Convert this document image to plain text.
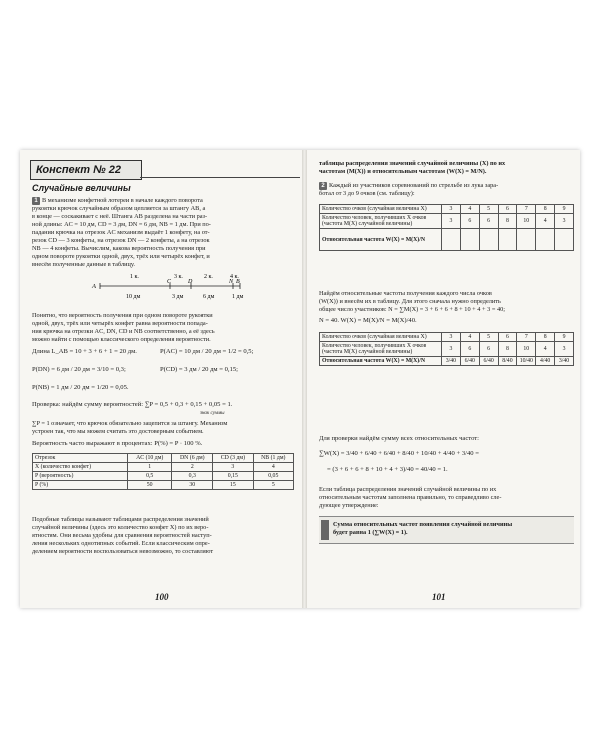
Конспект № 22
Случайные величины

1 В механизме конфетной лотереи в начале каждого поворота

рукоятки крючок случайным образом цепляется за штангу AB, а

в конце — соскакивает с неё. Штанга AB разделена на части раз-

ной длины: AC = 10 дм, CD = 3 дм, DN = 6 дм, NB = 1 дм. При по-

падании крючка на отрезок AC механизм выдаёт 1 конфету, на от-

резок CD — 3 конфеты, на отрезок DN — 2 конфеты, а на отрезок

NB — 4 конфеты. Вычислим, какова вероятность получения при

одном повороте рукоятки одной, двух, трёх или четырёх конфет, и

внесём полученные данные в таблицу.

1 к.	3 к.	2 к.	4 к.
A
C	D	N B
10 дм	3 дм	6 дм	1 дм

Понятно, что вероятность получения при одном повороте рукоятки

одной, двух, трёх или четырёх конфет равна вероятности попада-

ния крючка на отрезки AC, DN, CD и NB соответственно, а её здесь

можно найти с помощью классического определения вероятности.

Длина L_AB = 10 + 3 + 6 + 1 = 20 дм.	P(AC) = 10 дм / 20 дм = 1/2 = 0,5;
P(DN) = 6 дм / 20 дм = 3/10 = 0,3;	P(CD) = 3 дм / 20 дм = 0,15;
P(NB) = 1 дм / 20 дм = 1/20 = 0,05.
Проверка: найдём сумму вероятностей: ∑P = 0,5 + 0,3 + 0,15 + 0,05 = 1.
знак суммы

∑P = 1 означает, что крючок обязательно зацепится за штангу. Механизм

устроен так, что мы можем считать это достоверным событием.

Вероятность часто выражают в процентах: P(%) = P · 100 %.
Отрезок	AC (10 дм)	DN (6 дм)	CD (3 дм)	NB (1 дм)
X (количество конфет)	1	2	3	4
P (вероятность)	0,5	0,3	0,15	0,05
P (%)	50	30	15	5

Подобные таблицы называют таблицами распределения значений

случайной величины (здесь это количество конфет X) по их веро-

ятностям. Они весьма удобны для сравнения вероятностей наступ-

ления нескольких однотипных событий. Если классическим опре-

делением вероятности воспользоваться невозможно, то составляют

100

таблицы распределения значений случайной величины (X) по их

частотам (M(X)) и относительным частотам (W(X) = M/N).

2 Каждый из участников соревнований по стрельбе из лука зара-

ботал от 3 до 9 очков (см. таблицу):

Количество очков (случайная величина X)	3	4	5	6	7	8	9
Количество человек, получивших X очков (частота M(X) случайной величины)	3	6	6	8	10	4	3
Относительная частота W(X) = M(X)/N							

Найдём относительные частоты получения каждого числа очков

(W(X)) и внесём их в таблицу. Для этого сначала нужно определить

общее число участников: N = ∑M(X) = 3 + 6 + 6 + 8 + 10 + 4 + 3 = 40;

N = 40. W(X) = M(X)/N = M(X)/40.
Количество очков (случайная величина X)	3	4	5	6	7	8	9
Количество человек, получивших X очков (частота M(X) случайной величины)	3	6	6	8	10	4	3
Относительная частота W(X) = M(X)/N	3/40	6/40	6/40	8/40	10/40	4/40	3/40
Для проверки найдём сумму всех относительных частот:
∑W(X) = 3/40 + 6/40 + 6/40 + 8/40 + 10/40 + 4/40 + 3/40 =
= (3 + 6 + 6 + 8 + 10 + 4 + 3)/40 = 40/40 = 1.

Если таблица распределения значений случайной величины по их

относительным частотам заполнена правильно, то справедливо сле-

дующее утверждение:

Сумма относительных частот появления случайной величины

будет равна 1 (∑W(X) = 1).

101
